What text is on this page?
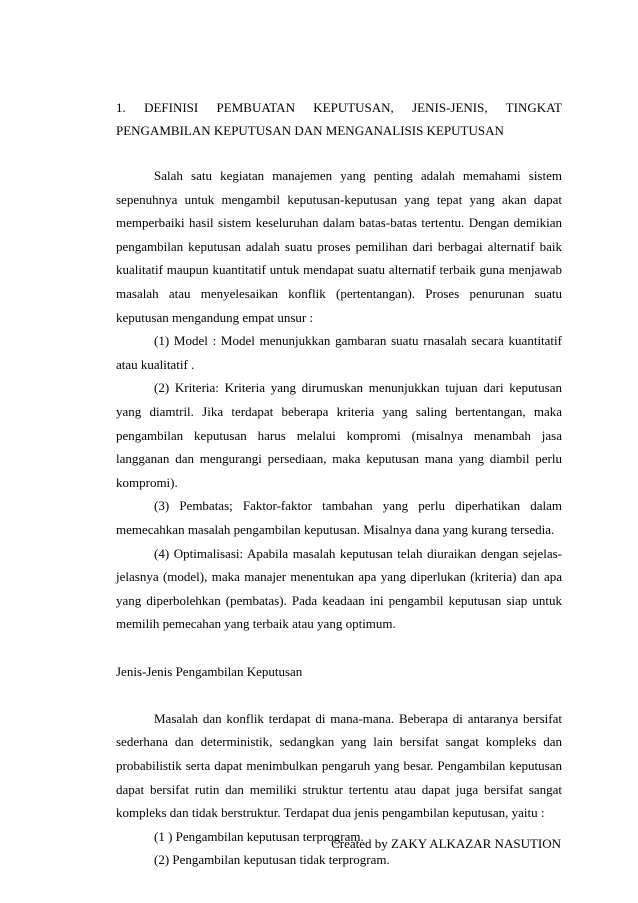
1. DEFINISI PEMBUATAN KEPUTUSAN, JENIS-JENIS, TINGKAT

PENGAMBILAN KEPUTUSAN DAN MENGANALISIS KEPUTUSAN

Salah satu kegiatan manajemen yang penting adalah memahami sistem sepenuhnya untuk mengambil keputusan-keputusan yang tepat yang akan dapat memperbaiki hasil sistem keseluruhan dalam batas-batas tertentu. Dengan demikian pengambilan keputusan adalah suatu proses pemilihan dari berbagai alternatif baik kualitatif maupun kuantitatif untuk mendapat suatu alternatif terbaik guna menjawab masalah atau menyelesaikan konflik (pertentangan). Proses penurunan suatu keputusan mengandung empat unsur :

(1) Model : Model menunjukkan gambaran suatu rnasalah secara kuantitatif atau kualitatif .

(2) Kriteria: Kriteria yang dirumuskan menunjukkan tujuan dari keputusan yang diamtril. Jika terdapat beberapa kriteria yang saling bertentangan, maka pengambilan keputusan harus melalui kompromi (misalnya menambah jasa langganan dan mengurangi persediaan, maka keputusan mana yang diambil perlu kompromi).

(3) Pembatas; Faktor-faktor tambahan yang perlu diperhatikan dalam memecahkan masalah pengambilan keputusan. Misalnya dana yang kurang tersedia.

(4) Optimalisasi: Apabila masalah keputusan telah diuraikan dengan sejelas-jelasnya (model), maka manajer menentukan apa yang diperlukan (kriteria) dan apa yang diperbolehkan (pembatas). Pada keadaan ini pengambil keputusan siap untuk memilih pemecahan yang terbaik atau yang optimum.

Jenis-Jenis Pengambilan Keputusan

Masalah dan konflik terdapat di mana-mana. Beberapa di antaranya bersifat sederhana dan deterministik, sedangkan yang lain bersifat sangat kompleks dan probabilistik serta dapat menimbulkan pengaruh yang besar. Pengambilan keputusan dapat bersifat rutin dan memiliki struktur tertentu atau dapat juga bersifat sangat kompleks dan tidak berstruktur. Terdapat dua jenis pengambilan keputusan, yaitu :

(1 ) Pengambilan keputusan terprogram.

(2) Pengambilan keputusan tidak terprogram.

Created by ZAKY ALKAZAR NASUTION
